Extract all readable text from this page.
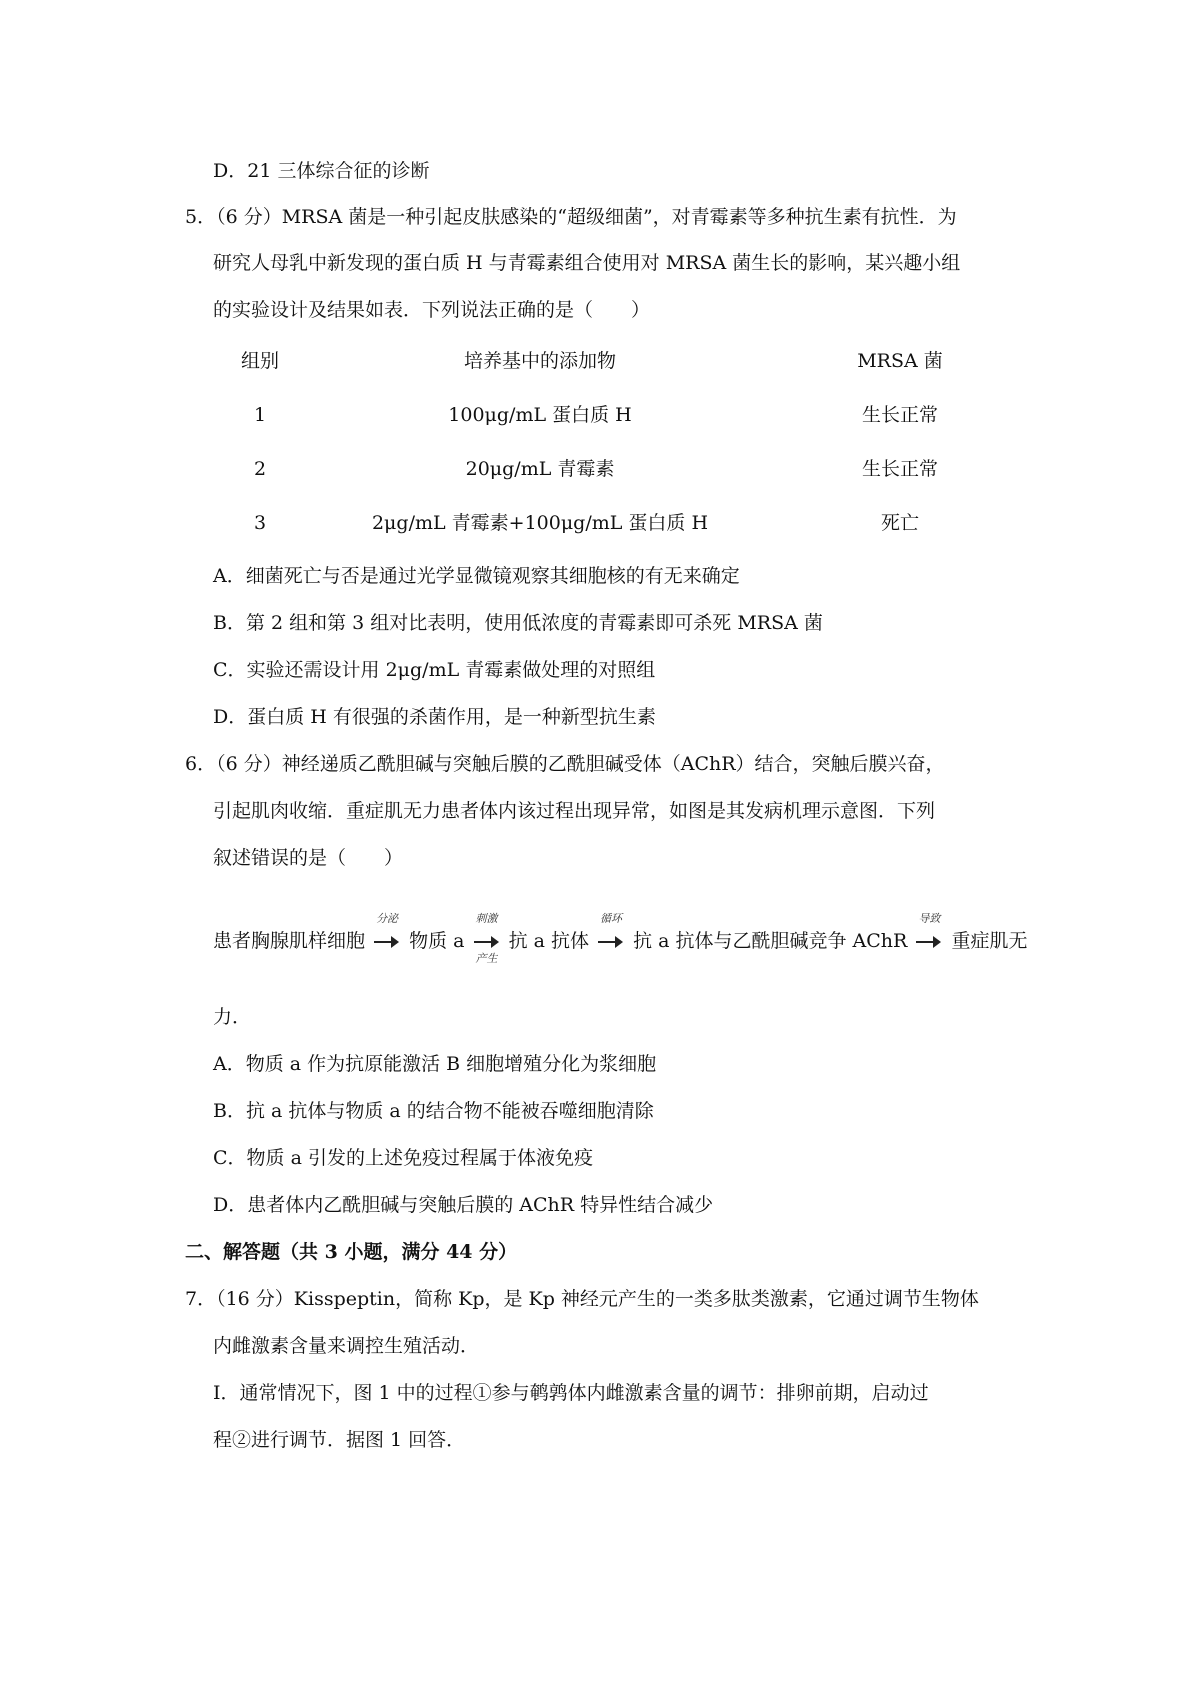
D．21 三体综合征的诊断
5．（6 分）MRSA 菌是一种引起皮肤感染的“超级细菌”，对青霉素等多种抗生素有抗性．为
研究人母乳中新发现的蛋白质 H 与青霉素组合使用对 MRSA 菌生长的影响，某兴趣小组
的实验设计及结果如表．下列说法正确的是（　　）
组别	培养基中的添加物	MRSA 菌
1	100μg/mL 蛋白质 H	生长正常
2	20μg/mL 青霉素	生长正常
3	2μg/mL 青霉素+100μg/mL 蛋白质 H	死亡
A．细菌死亡与否是通过光学显微镜观察其细胞核的有无来确定
B．第 2 组和第 3 组对比表明，使用低浓度的青霉素即可杀死 MRSA 菌
C．实验还需设计用 2μg/mL 青霉素做处理的对照组
D．蛋白质 H 有很强的杀菌作用，是一种新型抗生素
6．（6 分）神经递质乙酰胆碱与突触后膜的乙酰胆碱受体（AChR）结合，突触后膜兴奋，
引起肌肉收缩．重症肌无力患者体内该过程出现异常，如图是其发病机理示意图．下列
叙述错误的是（　　）
患者胸腺肌样细胞
分泌
物质 a
刺激
产生
抗 a 抗体
循环
抗 a 抗体与乙酰胆碱竞争 AChR
导致
重症肌无
力．
A．物质 a 作为抗原能激活 B 细胞增殖分化为浆细胞
B．抗 a 抗体与物质 a 的结合物不能被吞噬细胞清除
C．物质 a 引发的上述免疫过程属于体液免疫
D．患者体内乙酰胆碱与突触后膜的 AChR 特异性结合减少
二、解答题（共 3 小题，满分 44 分）
7．（16 分）Kisspeptin，简称 Kp，是 Kp 神经元产生的一类多肽类激素，它通过调节生物体
内雌激素含量来调控生殖活动．
Ⅰ．通常情况下，图 1 中的过程①参与鹌鹑体内雌激素含量的调节：排卵前期，启动过
程②进行调节．据图 1 回答．
